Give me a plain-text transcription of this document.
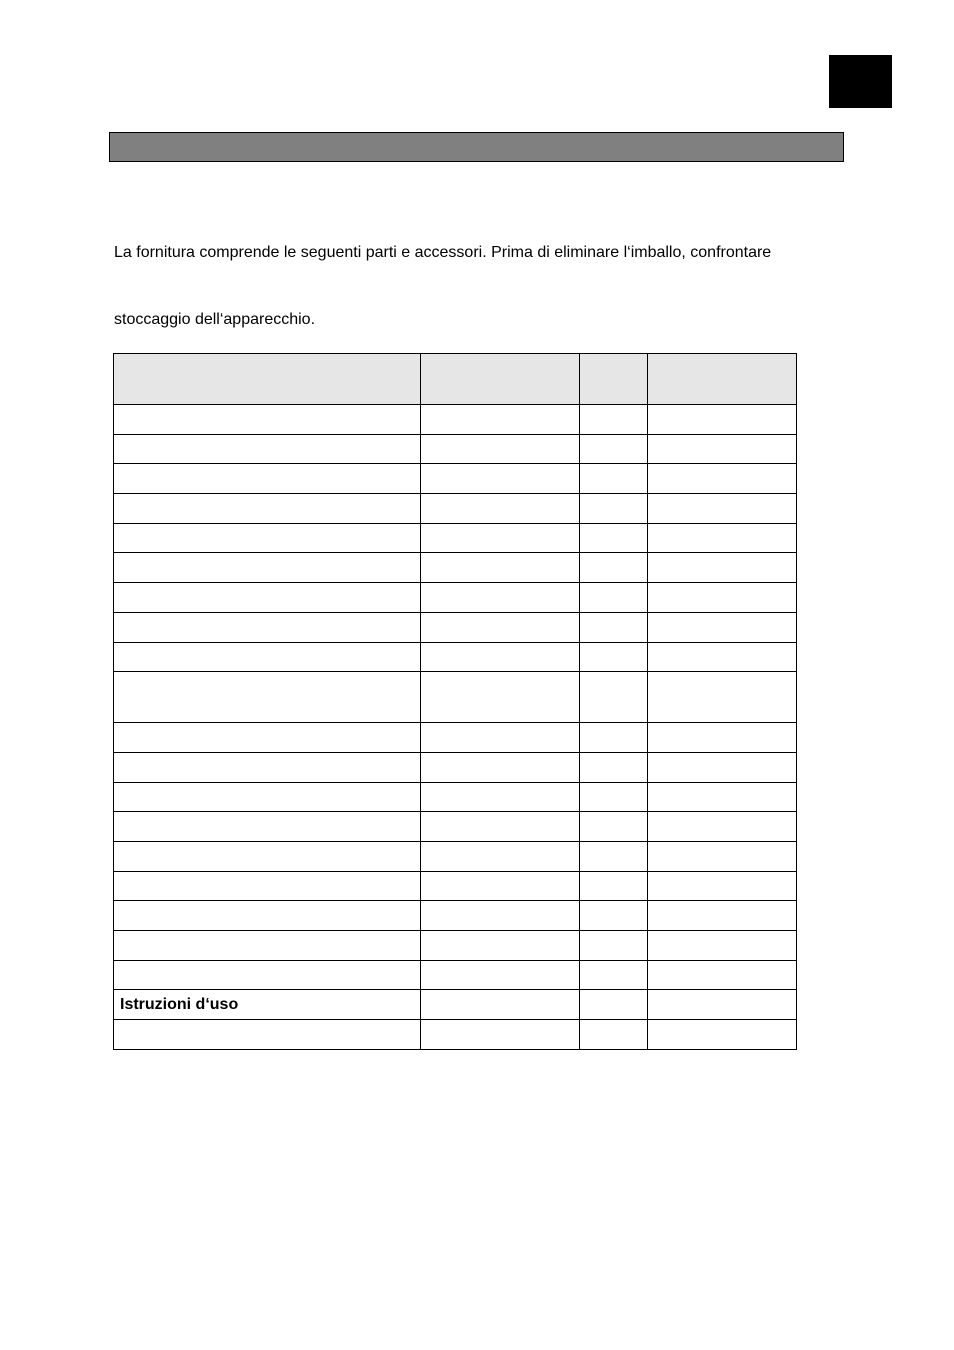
La fornitura comprende le seguenti parti e accessori. Prima di eliminare l‘imballo, confrontare

stoccaggio dell‘apparecchio.

Istruzioni d‘uso			
